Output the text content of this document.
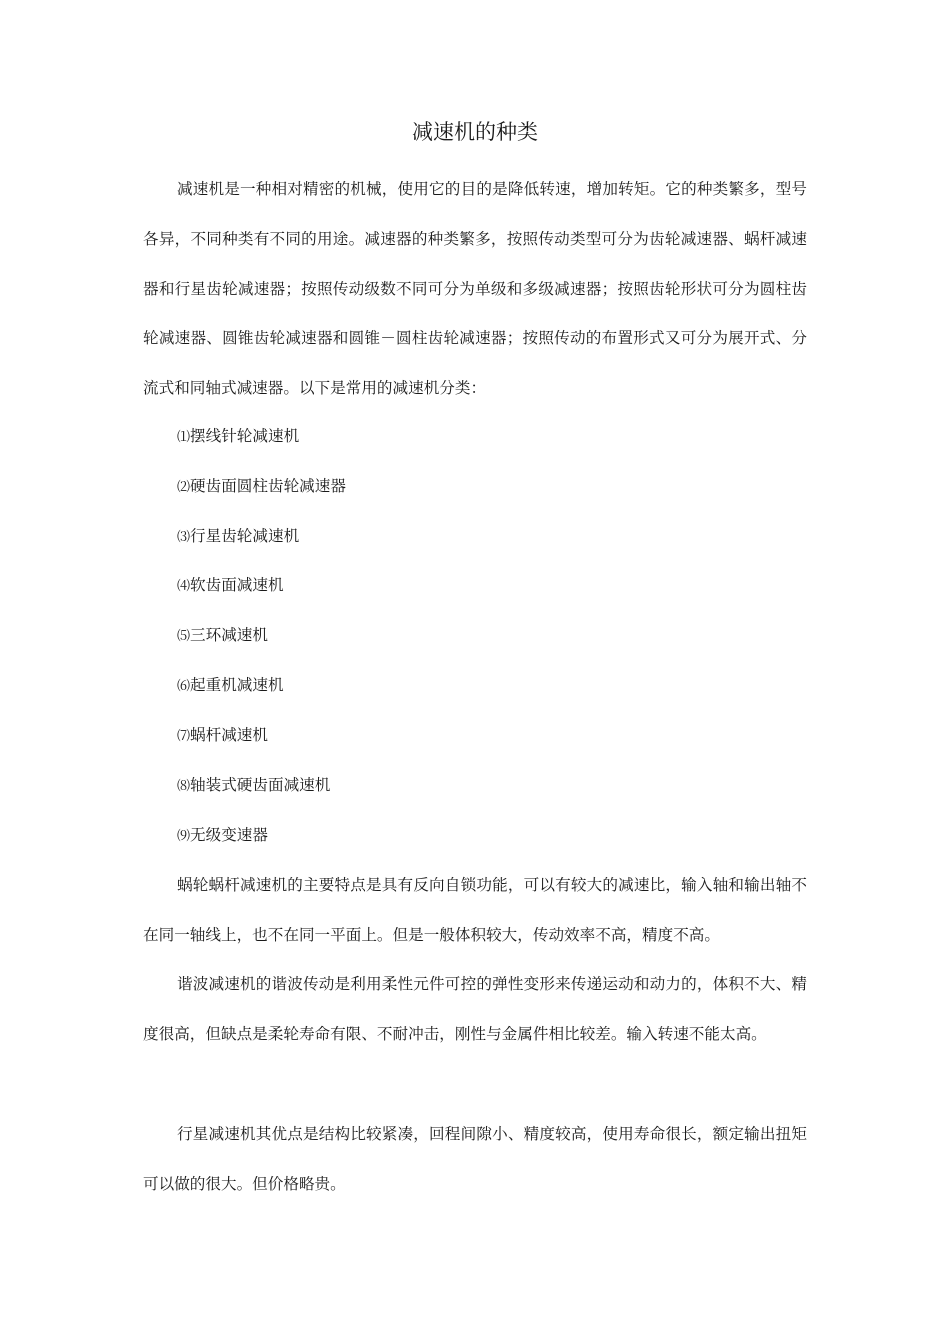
减速机的种类

减速机是一种相对精密的机械，使用它的目的是降低转速，增加转矩。它的种类繁多，型号各异，不同种类有不同的用途。减速器的种类繁多，按照传动类型可分为齿轮减速器、蜗杆减速器和行星齿轮减速器；按照传动级数不同可分为单级和多级减速器；按照齿轮形状可分为圆柱齿轮减速器、圆锥齿轮减速器和圆锥－圆柱齿轮减速器；按照传动的布置形式又可分为展开式、分流式和同轴式减速器。以下是常用的减速机分类：

⑴摆线针轮减速机

⑵硬齿面圆柱齿轮减速器

⑶行星齿轮减速机

⑷软齿面减速机

⑸三环减速机

⑹起重机减速机

⑺蜗杆减速机

⑻轴装式硬齿面减速机

⑼无级变速器

蜗轮蜗杆减速机的主要特点是具有反向自锁功能，可以有较大的减速比，输入轴和输出轴不在同一轴线上，也不在同一平面上。但是一般体积较大，传动效率不高，精度不高。

谐波减速机的谐波传动是利用柔性元件可控的弹性变形来传递运动和动力的，体积不大、精度很高，但缺点是柔轮寿命有限、不耐冲击，刚性与金属件相比较差。输入转速不能太高。

行星减速机其优点是结构比较紧凑，回程间隙小、精度较高，使用寿命很长，额定输出扭矩可以做的很大。但价格略贵。
